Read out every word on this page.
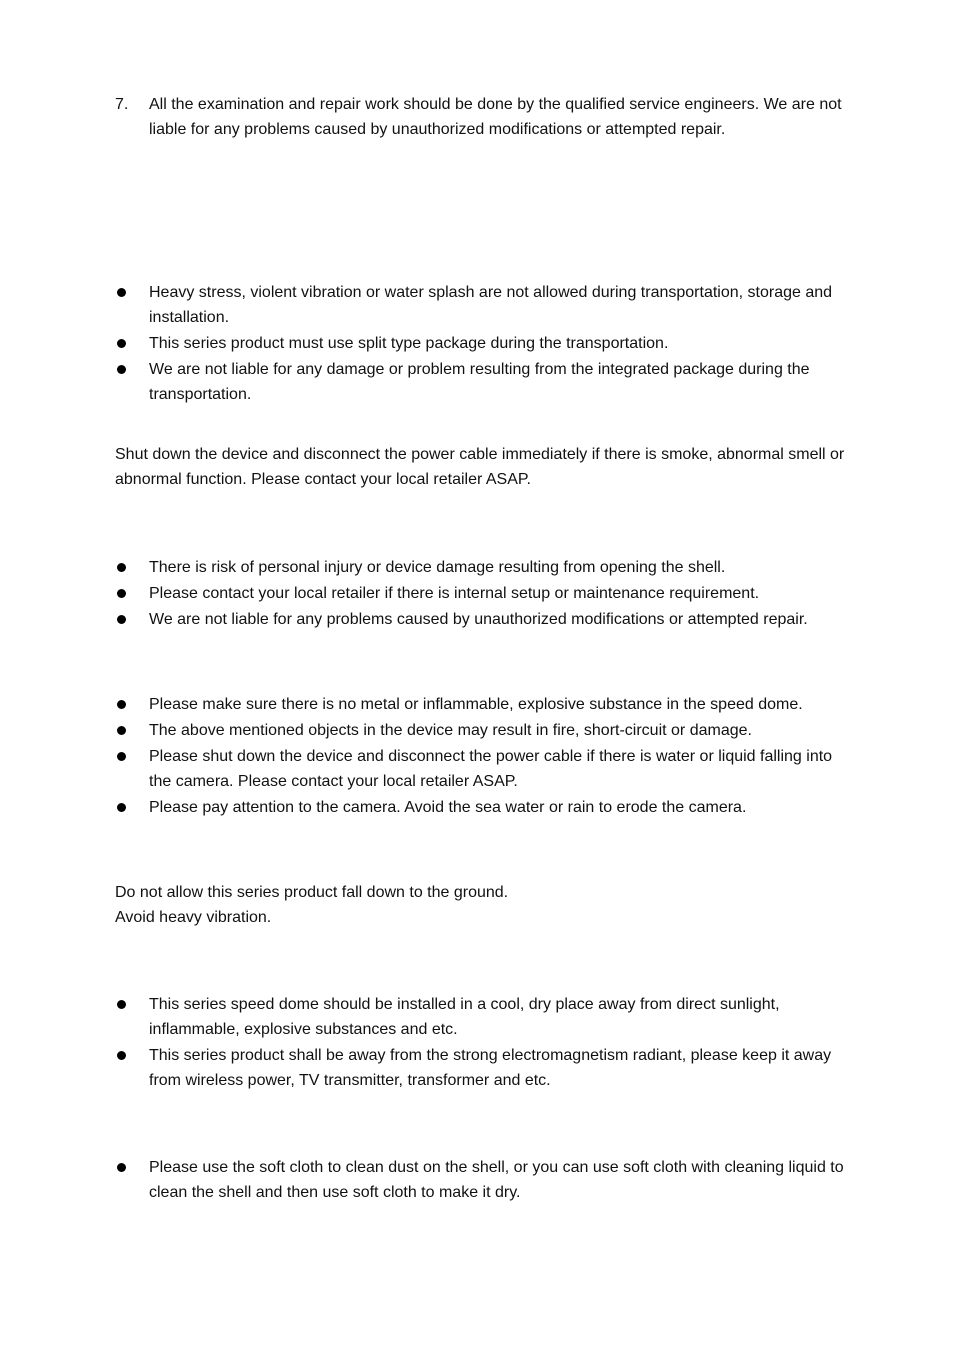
7.	All the examination and repair work should be done by the qualified service engineers. We are not liable for any problems caused by unauthorized modifications or attempted repair.
Heavy stress, violent vibration or water splash are not allowed during transportation, storage and installation.
This series product must use split type package during the transportation.
We are not liable for any damage or problem resulting from the integrated package during the transportation.

Shut down the device and disconnect the power cable immediately if there is smoke, abnormal smell or abnormal function. Please contact your local retailer ASAP.

There is risk of personal injury or device damage resulting from opening the shell.
Please contact your local retailer if there is internal setup or maintenance requirement.
We are not liable for any problems caused by unauthorized modifications or attempted repair.
Please make sure there is no metal or inflammable, explosive substance in the speed dome.
The above mentioned objects in the device may result in fire, short-circuit or damage.
Please shut down the device and disconnect the power cable if there is water or liquid falling into the camera. Please contact your local retailer ASAP.
Please pay attention to the camera. Avoid the sea water or rain to erode the camera.

Do not allow this series product fall down to the ground.

Avoid heavy vibration.

This series speed dome should be installed in a cool, dry place away from direct sunlight, inflammable, explosive substances and etc.
This series product shall be away from the strong electromagnetism radiant, please keep it away from wireless power, TV transmitter, transformer and etc.
Please use the soft cloth to clean dust on the shell, or you can use soft cloth with cleaning liquid to clean the shell and then use soft cloth to make it dry.
